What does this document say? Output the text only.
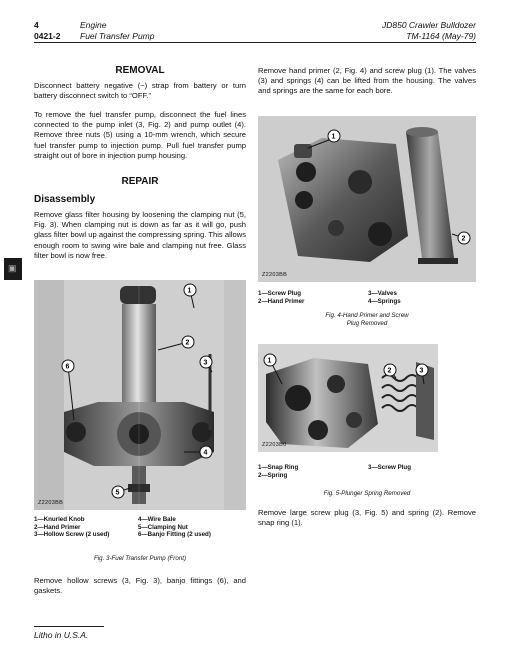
4
0421-2
Engine
Fuel Transfer Pump
JD850 Crawler Bulldozer
TM-1164 (May-79)
▣
REMOVAL
Disconnect battery negative (−) strap from battery or turn battery disconnect switch to “OFF.”
To remove the fuel transfer pump, disconnect the fuel lines connected to the pump inlet (3, Fig. 2) and pump outlet (4). Remove three nuts (5) using a 10-mm wrench, which secure fuel transfer pump to injection pump. Pull fuel transfer pump straight out of bore in injection pump housing.
REPAIR
Disassembly
Remove glass filter housing by loosening the clamping nut (5, Fig. 3). When clamping nut is down as far as it will go, push glass filter bowl up against the compressing spring. This allows enough room to swing wire bale and clamping nut free. Glass filter bowl is now free.
1
2
3
4
5
6
Z2203BB
1—Knurled Knob
2—Hand Primer
3—Hollow Screw (2 used)
4—Wire Bale
5—Clamping Nut
6—Banjo Fitting (2 used)
Fig. 3-Fuel Transfer Pump (Front)
Remove hollow screws (3, Fig. 3), banjo fittings (6), and gaskets.
Remove hand primer (2, Fig. 4) and screw plug (1). The valves (3) and springs (4) can be lifted from the housing. The valves and springs are the same for each bore.
1
2
Z2203BB
1—Screw Plug
2—Hand Primer
3—Valves
4—Springs
Fig. 4-Hand Primer and Screw
Plug Removed
1
2	3
Z2203B0
1—Snap Ring
2—Spring
3—Screw Plug
Fig. 5-Plunger Spring Removed
Remove large screw plug (3, Fig. 5) and spring (2). Remove snap ring (1).
Litho in U.S.A.
